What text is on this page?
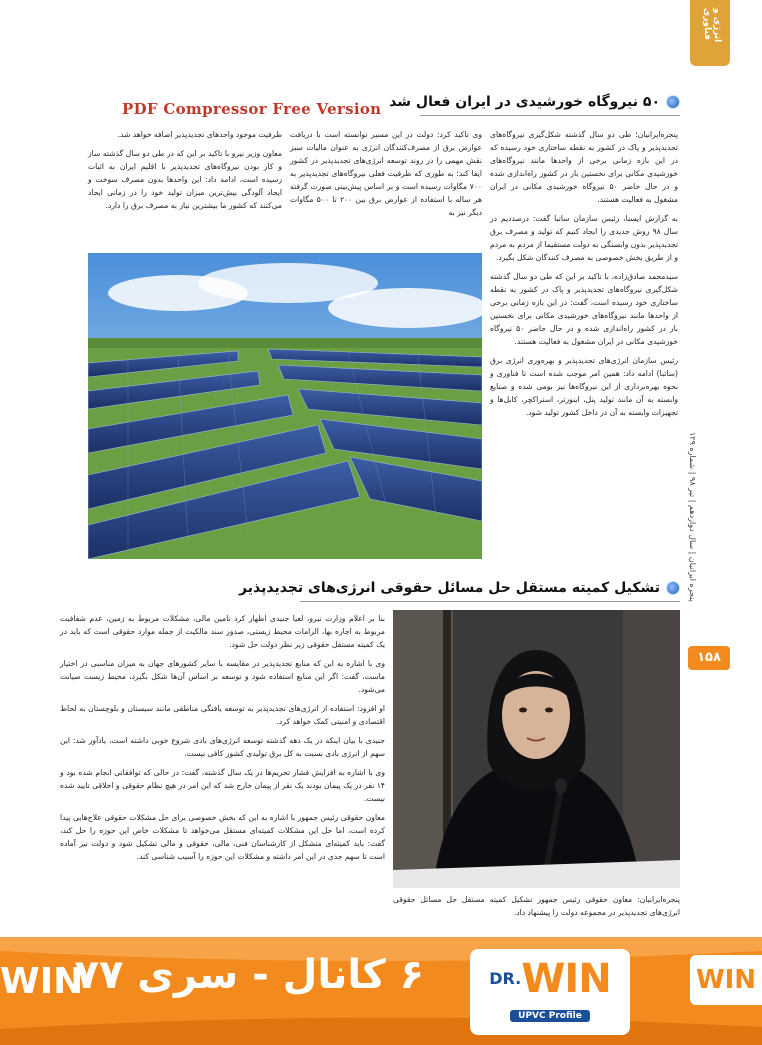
PDF Compressor Free Version
انرژی و فناوری
پنجره ایرانیان | سال دوازدهم | تیر ۹۸ | شماره ۱۲۹
۱۵۸
۵۰ نیروگاه خورشیدی در ایران فعال شد

پنجره‌ایرانیان؛ طی دو سال گذشته شکل‌گیری نیروگاه‌های تجدیدپذیر و پاک در کشور به نقطه ساختاری خود رسیده که در این بازه زمانی برخی از واحدها مانند نیروگاه‌های خورشیدی مکانی برای نخستین بار در کشور راه‌اندازی شده و در حال حاضر ۵۰ نیروگاه خورشیدی مکانی در ایران مشغول به فعالیت هستند.

به گزارش ایسنا، رئیس سازمان ساتبا گفت: درصددیم در سال ۹۸ روش جدیدی را ایجاد کنیم که تولید و مصرف برق تجدیدپذیر بدون وابستگی به دولت مستقیما از مردم به مردم و از طریق بخش خصوصی به مصرف کنندگان شکل بگیرد.

سیدمحمد صادق‌زاده، با تاکید بر این که طی دو سال گذشته شکل‌گیری نیروگاه‌های تجدیدپذیر و پاک در کشور به نقطه ساختاری خود رسیده است، گفت: در این بازه زمانی برخی از واحدها مانند نیروگاه‌های خورشیدی مکانی برای نخستین بار در کشور راه‌اندازی شده و در حال حاضر ۵۰ نیروگاه خورشیدی مکانی در ایران مشغول به فعالیت هستند.

رئیس سازمان انرژی‌های تجدیدپذیر و بهره‌وری انرژی برق (ساتبا) ادامه داد: همین امر موجب شده است تا فناوری و نحوه بهره‌برداری از این نیروگاه‌ها نیز بومی شده و صنایع وابسته به آن مانند تولید پنل، اینورتر، استراکچر، کابل‌ها و تجهیزات وابسته به آن در داخل کشور تولید شود.

وی تاکید کرد: دولت در این مسیر توانسته است با دریافت عوارض برق از مصرف‌کنندگان انرژی به عنوان مالیات سبز نقش مهمی را در روند توسعه انرژی‌های تجدیدپذیر در کشور ایفا کند؛ به طوری که ظرفیت فعلی نیروگاه‌های تجدیدپذیر به ۷۰۰ مگاوات رسیده است و بر اساس پیش‌بینی صورت گرفته هر ساله با استفاده از عوارض برق بین ۲۰۰ تا ۵۰۰ مگاوات دیگر نیز به

ظرفیت موجود واحدهای تجدیدپذیر اضافه خواهد شد.

معاون وزیر نیرو با تاکید بر این که در طی دو سال گذشته ساز و کار بودن نیروگاه‌های تجدیدپذیر با اقلیم ایران به اثبات رسیده است، ادامه داد: این واحدها بدون مصرف سوخت و ایجاد آلودگی بیش‌ترین میزان تولید خود را در زمانی ایجاد می‌کنند که کشور ما بیشترین نیاز به مصرف برق را دارد.

تشکیل کمیته مستقل حل مسائل حقوقی انرژی‌های تجدیدپذیر
پنجره‌ایرانیان: معاون حقوقی رئیس جمهور تشکیل کمیته مستقل حل مسائل حقوقی انرژی‌های تجدیدپذیر در مجموعه دولت را پیشنهاد داد.

بنا بر اعلام وزارت نیرو، لعیا جنیدی اظهار کرد تامین مالی، مشکلات مربوط به زمین، عدم شفافیت مربوط به اجاره بها، الزامات محیط زیستی، صدور سند مالکیت از جمله موارد حقوقی است که باید در یک کمیته مستقل حقوقی زیر نظر دولت حل شود.

وی با اشاره به این که منابع تجدیدپذیر در مقایسه با سایر کشورهای جهان به میزان مناسبی در اختیار ماست، گفت: اگر این منابع استفاده شود و توسعه بر اساس آن‌ها شکل بگیرد، محیط زیست صیانت می‌شود.

او افزود: استفاده از انرژی‌های تجدیدپذیر به توسعه یافتگی مناطقی مانند سیستان و بلوچستان به لحاظ اقتصادی و امنیتی کمک خواهد کرد.

جنیدی با بیان اینکه در یک دهه گذشته توسعه انرژی‌های بادی شروع خوبی داشته است، یادآور شد: این سهم از انرژی بادی نسبت به کل برق تولیدی کشور کافی نیست.

وی با اشاره به افزایش فشار تحریم‌ها در یک سال گذشته، گفت: در حالی که توافقاتی انجام شده بود و ۱۴ نفر در یک پیمان بودند یک نفر از پیمان خارج شد که این امر در هیچ نظام حقوقی و اخلاقی تایید شده نیست.

معاون حقوقی رئیس جمهور با اشاره به این که بخش خصوصی برای حل مشکلات حقوقی علاج‌هایی پیدا کرده است، اما حل این مشکلات کمیته‌ای مستقل می‌خواهد تا مشکلات خاص این حوزه را حل کند، گفت: باید کمیته‌ای متشکل از کارشناسان فنی، مالی، حقوقی و مالی تشکیل شود و دولت نیز آماده است تا سهم جدی در این امر داشته و مشکلات این حوزه را آسیب شناسی کند.

WIN
۶ کانال - سری ۷۷	$^{DR.}$WIN
UPVC Profile
WIN
